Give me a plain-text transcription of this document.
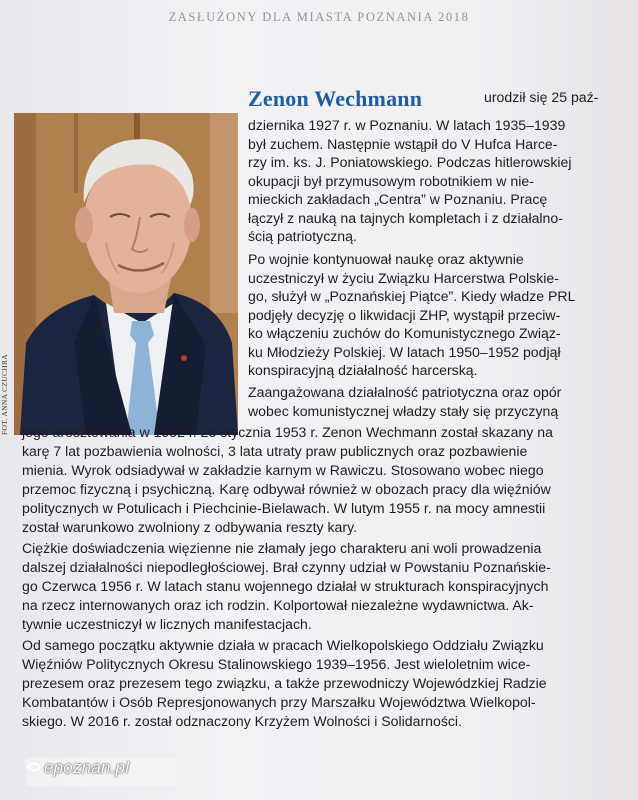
ZASŁUŻONY DLA MIASTA POZNANIA 2018
FOT. ANNA CZUCHRA
Zenon Wechmann	urodził się 25 paź-
dziernika 1927 r. w Poznaniu. W latach 1935–1939
był zuchem. Następnie wstąpił do V Hufca Harce-
rzy im. ks. J. Poniatowskiego. Podczas hitlerowskiej
okupacji był przymusowym robotnikiem w nie-
mieckich zakładach „Centra” w Poznaniu. Pracę
łączył z nauką na tajnych kompletach i z działalno-
ścią patriotyczną.
Po wojnie kontynuował naukę oraz aktywnie
uczestniczył w życiu Związku Harcerstwa Polskie-
go, służył w „Poznańskiej Piątce”. Kiedy władze PRL
podjęły decyzję o likwidacji ZHP, wystąpił przeciw-
ko włączeniu zuchów do Komunistycznego Związ-
ku Młodzieży Polskiej. W latach 1950–1952 podjął
konspiracyjną działalność harcerską.
Zaangażowana działalność patriotyczna oraz opór
wobec komunistycznej władzy stały się przyczyną
jego aresztowania w 1952 r. 23 stycznia 1953 r. Zenon Wechmann został skazany na
karę 7 lat pozbawienia wolności, 3 lata utraty praw publicznych oraz pozbawienie
mienia. Wyrok odsiadywał w zakładzie karnym w Rawiczu. Stosowano wobec niego
przemoc fizyczną i psychiczną. Karę odbywał również w obozach pracy dla więźniów
politycznych w Potulicach i Piechcinie-Bielawach. W lutym 1955 r. na mocy amnestii
został warunkowo zwolniony z odbywania reszty kary.
Ciężkie doświadczenia więzienne nie złamały jego charakteru ani woli prowadzenia
dalszej działalności niepodległościowej. Brał czynny udział w Powstaniu Poznańskie-
go Czerwca 1956 r. W latach stanu wojennego działał w strukturach konspiracyjnych
na rzecz internowanych oraz ich rodzin. Kolportował niezależne wydawnictwa. Ak-
tywnie uczestniczył w licznych manifestacjach.
Od samego początku aktywnie działa w pracach Wielkopolskiego Oddziału Związku
Więźniów Politycznych Okresu Stalinowskiego 1939–1956. Jest wieloletnim wice-
prezesem oraz prezesem tego związku, a także przewodniczy Wojewódzkiej Radzie
Kombatantów i Osób Represjonowanych przy Marszałku Województwa Wielkopol-
skiego. W 2016 r. został odznaczony Krzyżem Wolności i Solidarności.
epoznan.pl
